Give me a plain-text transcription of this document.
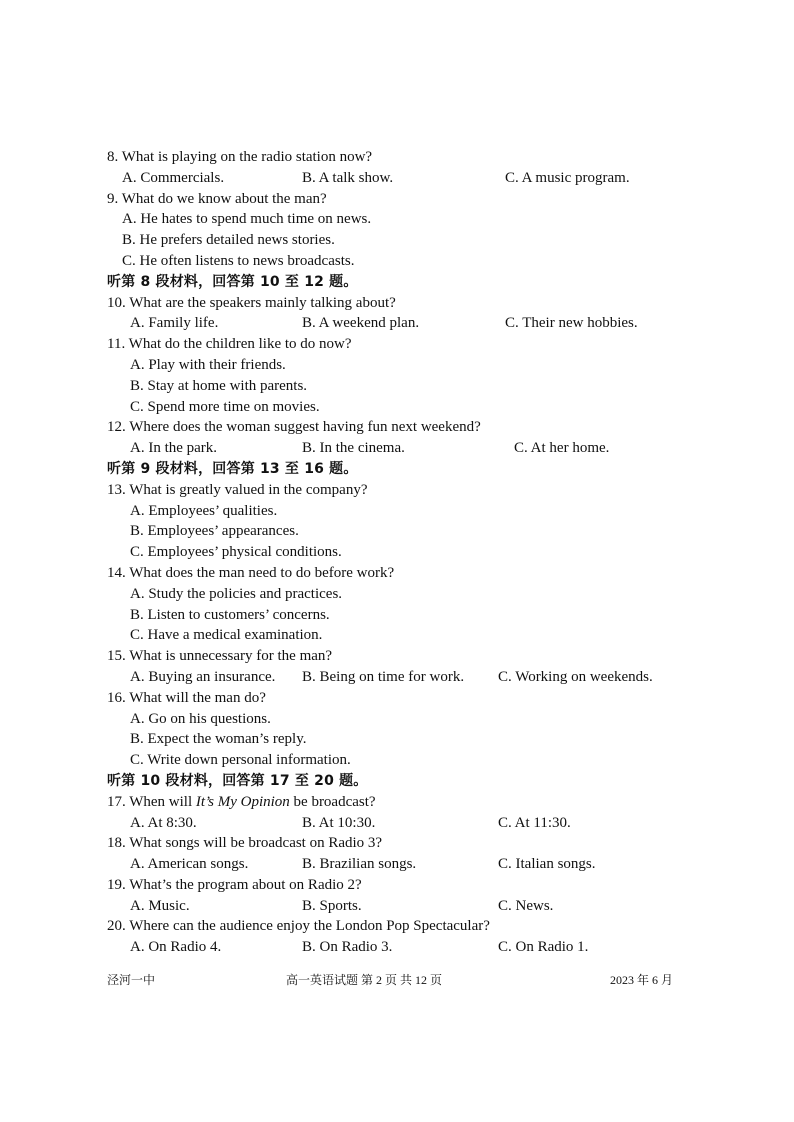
8. What is playing on the radio station now?
A. Commercials.	B. A talk show.	C. A music program.
9. What do we know about the man?
A. He hates to spend much time on news.
B. He prefers detailed news stories.
C. He often listens to news broadcasts.
听第 8 段材料，回答第 10 至 12 题。
10. What are the speakers mainly talking about?
A. Family life.	B. A weekend plan.	C. Their new hobbies.
11. What do the children like to do now?
A. Play with their friends.
B. Stay at home with parents.
C. Spend more time on movies.
12. Where does the woman suggest having fun next weekend?
A. In the park.	B. In the cinema.	C. At her home.
听第 9 段材料，回答第 13 至 16 题。
13. What is greatly valued in the company?
A. Employees’ qualities.
B. Employees’ appearances.
C. Employees’ physical conditions.
14. What does the man need to do before work?
A. Study the policies and practices.
B. Listen to customers’ concerns.
C. Have a medical examination.
15. What is unnecessary for the man?
A. Buying an insurance. B. Being on time for work. C. Working on weekends.
16. What will the man do?
A. Go on his questions.
B. Expect the woman’s reply.
C. Write down personal information.
听第 10 段材料，回答第 17 至 20 题。
17. When will It’s My Opinion be broadcast?
A. At 8:30.	B. At 10:30.	C. At 11:30.
18. What songs will be broadcast on Radio 3?
A. American songs.	B. Brazilian songs.	C. Italian songs.
19. What’s the program about on Radio 2?
A. Music.	B. Sports.	C. News.
20. Where can the audience enjoy the London Pop Spectacular?
A. On Radio 4.	B. On Radio 3.	C. On Radio 1.
泾河一中	高一英语试题 第 2 页 共 12 页	2023 年 6 月
